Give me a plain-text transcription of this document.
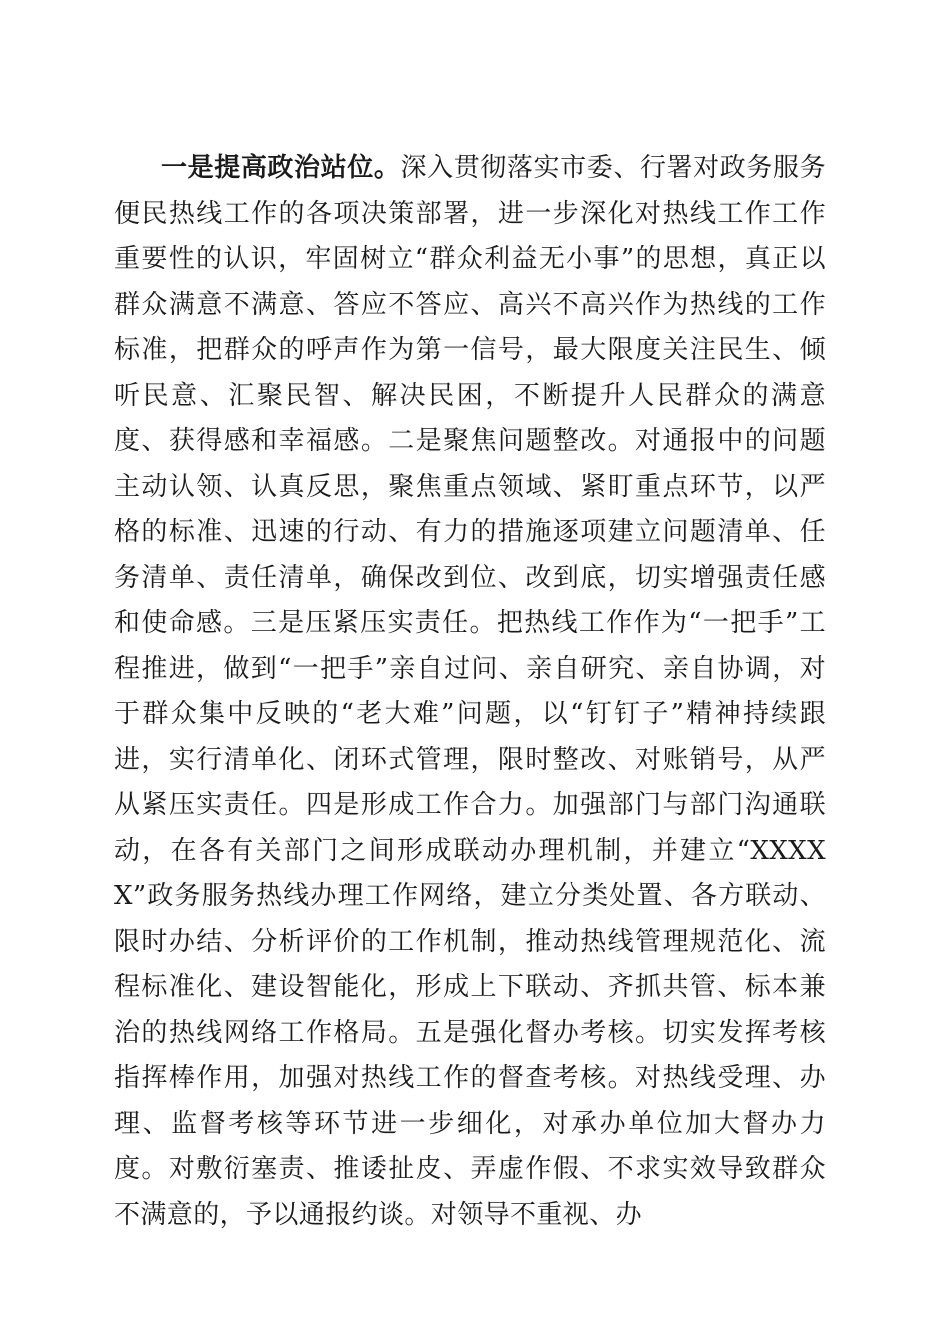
一是提高政治站位。深入贯彻落实市委、行署对政务服务便民热线工作的各项决策部署，进一步深化对热线工作工作重要性的认识，牢固树立“群众利益无小事”的思想，真正以群众满意不满意、答应不答应、高兴不高兴作为热线的工作标准，把群众的呼声作为第一信号，最大限度关注民生、倾听民意、汇聚民智、解决民困，不断提升人民群众的满意度、获得感和幸福感。二是聚焦问题整改。对通报中的问题主动认领、认真反思，聚焦重点领域、紧盯重点环节，以严格的标准、迅速的行动、有力的措施逐项建立问题清单、任务清单、责任清单，确保改到位、改到底，切实增强责任感和使命感。三是压紧压实责任。把热线工作作为“一把手”工程推进，做到“一把手”亲自过问、亲自研究、亲自协调，对于群众集中反映的“老大难”问题，以“钉钉子”精神持续跟进，实行清单化、闭环式管理，限时整改、对账销号，从严从紧压实责任。四是形成工作合力。加强部门与部门沟通联动，在各有关部门之间形成联动办理机制，并建立“XXXXX”政务服务热线办理工作网络，建立分类处置、各方联动、限时办结、分析评价的工作机制，推动热线管理规范化、流程标准化、建设智能化，形成上下联动、齐抓共管、标本兼治的热线网络工作格局。五是强化督办考核。切实发挥考核指挥棒作用，加强对热线工作的督查考核。对热线受理、办理、监督考核等环节进一步细化，对承办单位加大督办力度。对敷衍塞责、推诿扯皮、弄虚作假、不求实效导致群众不满意的，予以通报约谈。对领导不重视、办
